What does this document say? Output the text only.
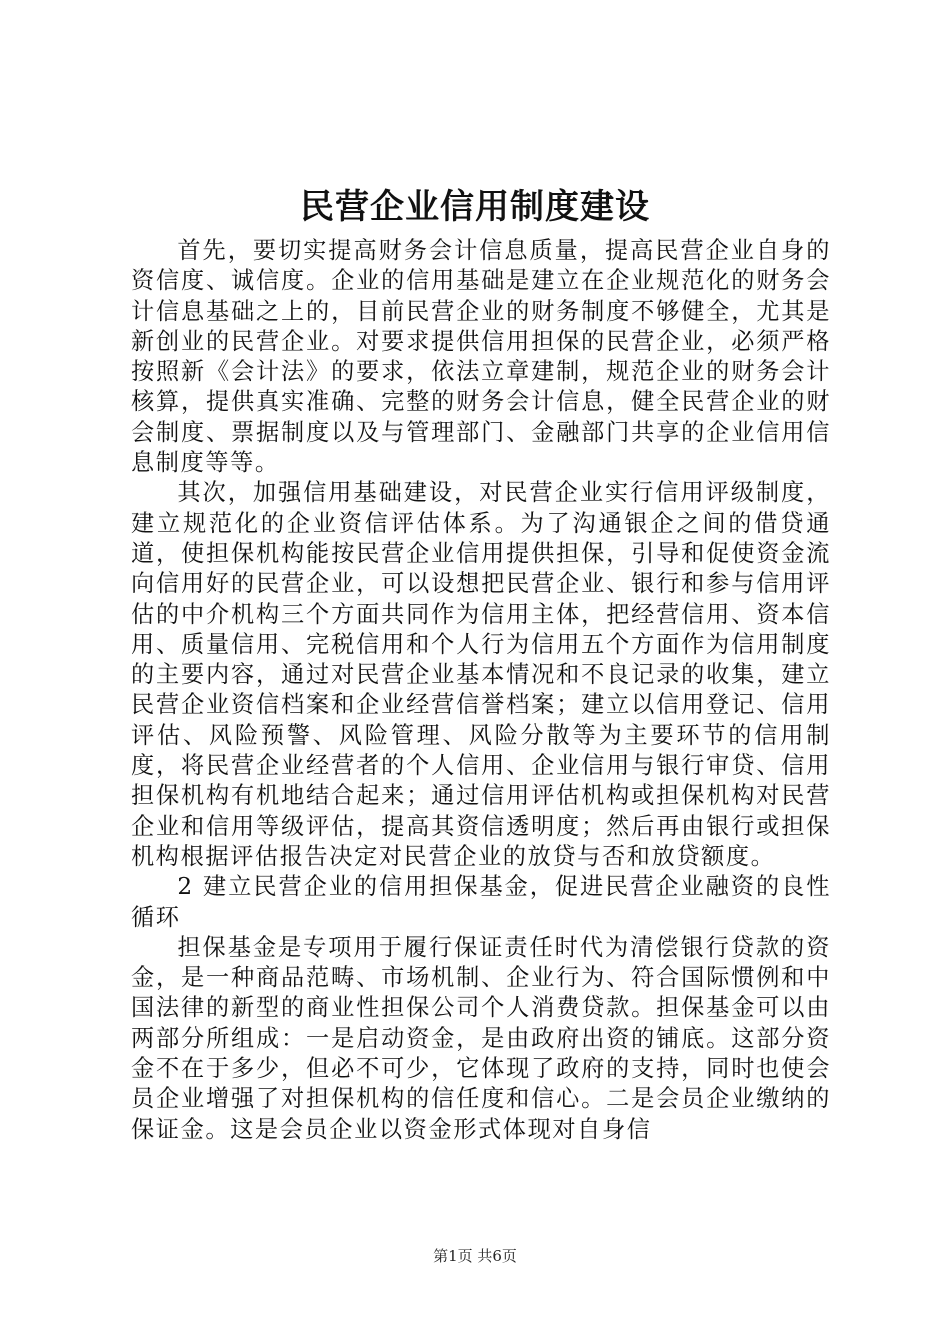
民营企业信用制度建设

首先，要切实提高财务会计信息质量，提高民营企业自身的资信度、诚信度。企业的信用基础是建立在企业规范化的财务会计信息基础之上的，目前民营企业的财务制度不够健全，尤其是新创业的民营企业。对要求提供信用担保的民营企业，必须严格按照新《会计法》的要求，依法立章建制，规范企业的财务会计核算，提供真实准确、完整的财务会计信息，健全民营企业的财会制度、票据制度以及与管理部门、金融部门共享的企业信用信息制度等等。

其次，加强信用基础建设，对民营企业实行信用评级制度，建立规范化的企业资信评估体系。为了沟通银企之间的借贷通道，使担保机构能按民营企业信用提供担保，引导和促使资金流向信用好的民营企业，可以设想把民营企业、银行和参与信用评估的中介机构三个方面共同作为信用主体，把经营信用、资本信用、质量信用、完税信用和个人行为信用五个方面作为信用制度的主要内容，通过对民营企业基本情况和不良记录的收集，建立民营企业资信档案和企业经营信誉档案；建立以信用登记、信用评估、风险预警、风险管理、风险分散等为主要环节的信用制度，将民营企业经营者的个人信用、企业信用与银行审贷、信用担保机构有机地结合起来；通过信用评估机构或担保机构对民营企业和信用等级评估，提高其资信透明度；然后再由银行或担保机构根据评估报告决定对民营企业的放贷与否和放贷额度。

2 建立民营企业的信用担保基金，促进民营企业融资的良性循环

担保基金是专项用于履行保证责任时代为清偿银行贷款的资金，是一种商品范畴、市场机制、企业行为、符合国际惯例和中国法律的新型的商业性担保公司个人消费贷款。担保基金可以由两部分所组成：一是启动资金，是由政府出资的铺底。这部分资金不在于多少，但必不可少，它体现了政府的支持，同时也使会员企业增强了对担保机构的信任度和信心。二是会员企业缴纳的保证金。这是会员企业以资金形式体现对自身信

第1页 共6页
